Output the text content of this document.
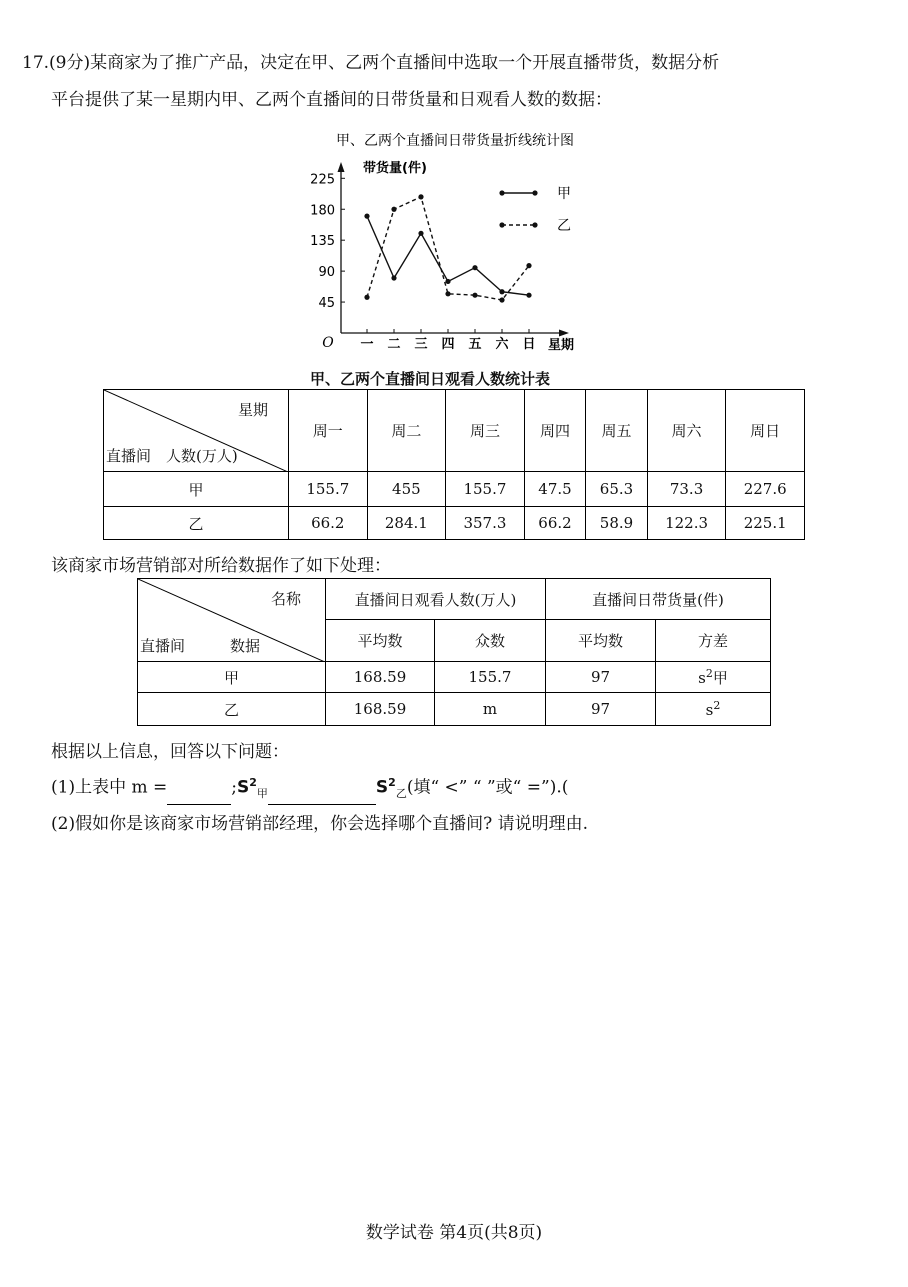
17.(9分)某商家为了推广产品，决定在甲、乙两个直播间中选取一个开展直播带货，数据分析
平台提供了某一星期内甲、乙两个直播间的日带货量和日观看人数的数据：
甲、乙两个直播间日带货量折线统计图
带货量(件)
星期
O
45
90
135
180
225
一 二 三 四 五 六 日
甲
乙
甲、乙两个直播间日观看人数统计表
星期
直播间　人数(万人)	周一	周二	周三	周四	周五	周六	周日
甲	155.7	455	155.7	47.5	65.3	73.3	227.6
乙	66.2	284.1	357.3	66.2	58.9	122.3	225.1
该商家市场营销部对所给数据作了如下处理：
名称
直播间　　　数据	直播间日观看人数(万人)		直播间日带货量(件)	
	平均数	众数	平均数	方差
甲	168.59	155.7	97	$s^2$甲
乙	168.59	m	97	$s^2$
根据以上信息，回答以下问题：
(1)上表中 m =	$;S^2_甲$	$S^2_乙$(填“ <” “ ”或“ =”).(
(2)假如你是该商家市场营销部经理，你会选择哪个直播间? 请说明理由.
数学试卷 第4页(共8页)
